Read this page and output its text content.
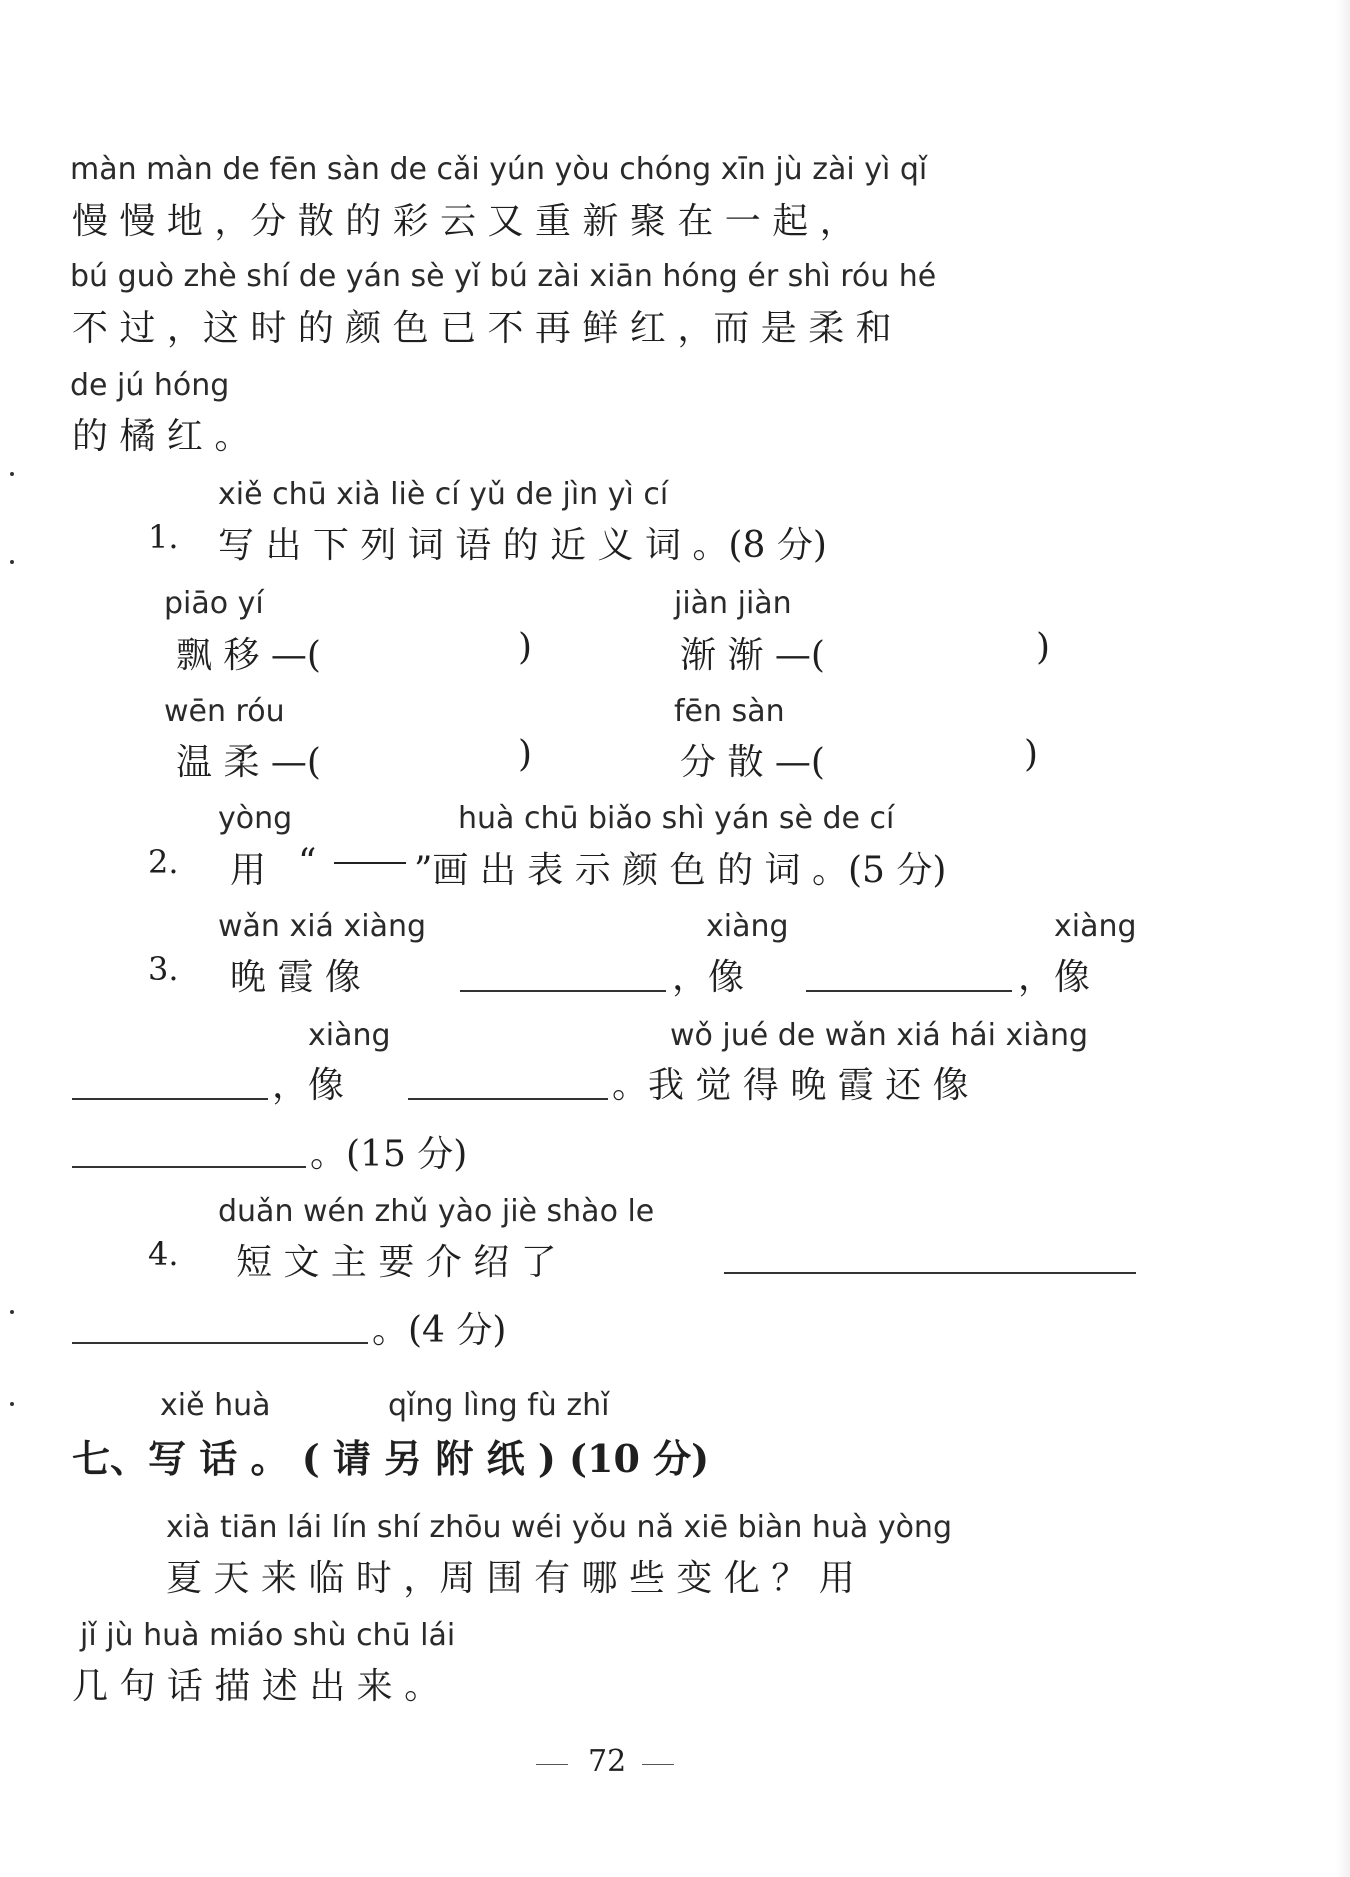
màn màn de fēn sàn de cǎi yún yòu chóng xīn jù zài yì qǐ
慢 慢 地 ，分 散 的 彩 云 又 重 新 聚 在 一 起 ，
bú guò zhè shí de yán sè yǐ bú zài xiān hóng ér shì róu hé
不 过 ，这 时 的 颜 色 已 不 再 鲜 红 ，而 是 柔 和
de jú hóng
的 橘 红 。
xiě chū xià liè cí yǔ de jìn yì cí
1. 写 出 下 列 词 语 的 近 义 词 。(8 分)
piāo yí
飘 移 —(	)
jiàn jiàn
渐 渐 —(	)
wēn róu
温 柔 —(	)
fēn sàn
分 散 —(	)
yòng	huà chū biǎo shì yán sè de cí
2. 用 “	”画 出 表 示 颜 色 的 词 。(5 分)
wǎn xiá xiàng	xiàng	xiàng
3. 晚 霞 像	，像	，像
xiàng	wǒ jué de wǎn xiá hái xiàng
，像	。我 觉 得 晚 霞 还 像
。(15 分)
duǎn wén zhǔ yào jiè shào le
4. 短 文 主 要 介 绍 了
。(4 分)
xiě huà	qǐng lìng fù zhǐ
七、写 话 。 ( 请 另 附 纸 ) (10 分)
xià tiān lái lín shí zhōu wéi yǒu nǎ xiē biàn huà yòng
夏 天 来 临 时 ，周 围 有 哪 些 变 化 ？ 用
jǐ jù huà miáo shù chū lái
几 句 话 描 述 出 来 。
72
